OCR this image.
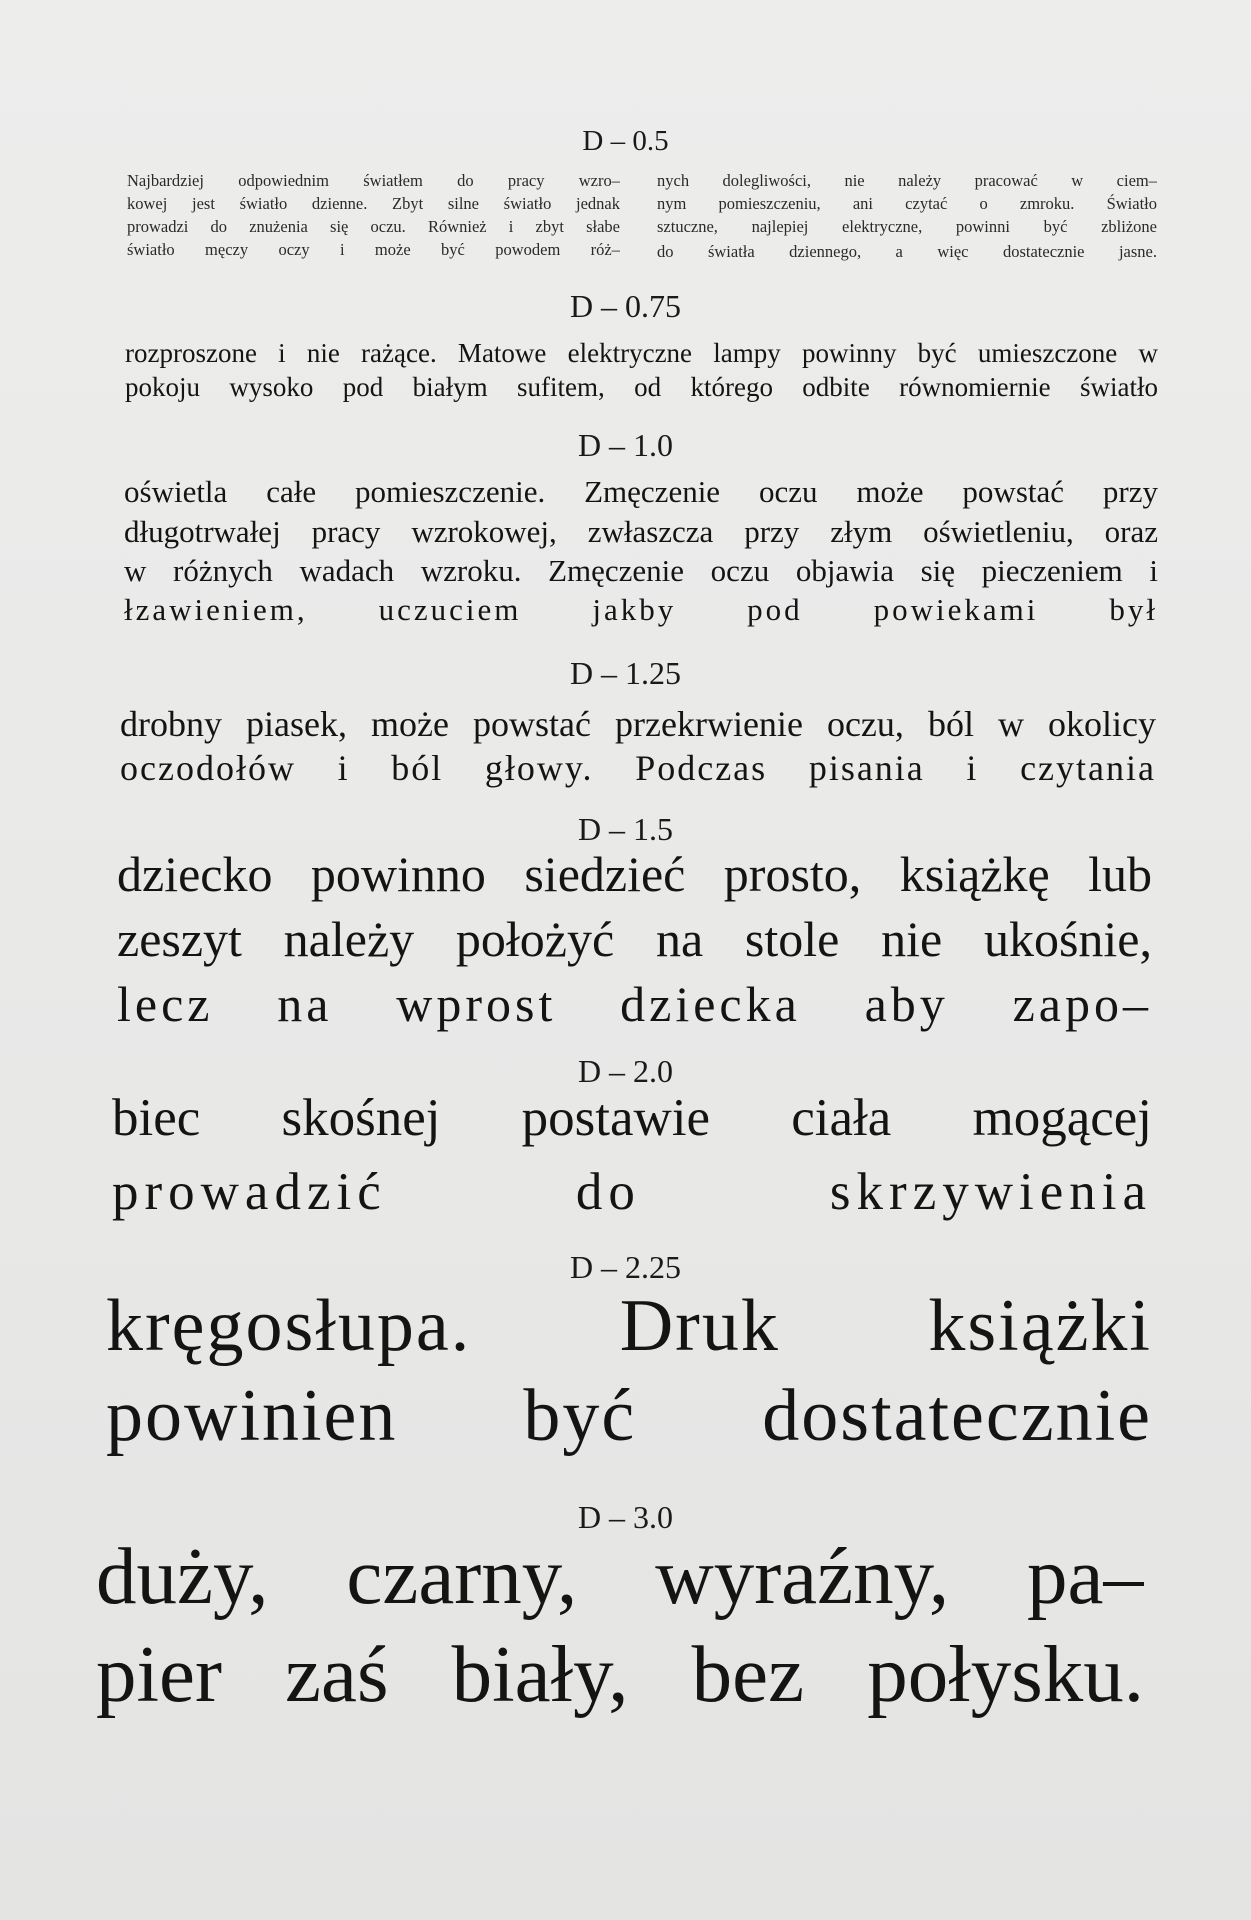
D – 0.5
Najbardziej odpowiednim światłem do pracy wzro–
kowej jest światło dzienne. Zbyt silne światło jednak
prowadzi do znużenia się oczu. Również i zbyt słabe
światło męczy oczy i może być powodem róż–
nych dolegliwości, nie należy pracować w ciem–
nym pomieszczeniu, ani czytać o zmroku. Światło
sztuczne, najlepiej elektryczne, powinni być zbliżone
do światła dziennego, a więc dostatecznie jasne.
D – 0.75
rozproszone i nie rażące. Matowe elektryczne lampy powinny być umieszczone w
pokoju wysoko pod białym sufitem, od którego odbite równomiernie światło
D – 1.0
oświetla całe pomieszczenie. Zmęczenie oczu może powstać przy
długotrwałej pracy wzrokowej, zwłaszcza przy złym oświetleniu, oraz
w różnych wadach wzroku. Zmęczenie oczu objawia się pieczeniem i
łzawieniem, uczuciem jakby pod powiekami był
D – 1.25
drobny piasek, może powstać przekrwienie oczu, ból w okolicy
oczodołów i ból głowy. Podczas pisania i czytania
D – 1.5
dziecko powinno siedzieć prosto, książkę lub
zeszyt należy położyć na stole nie ukośnie,
lecz na wprost dziecka aby zapo–
D – 2.0
biec skośnej postawie ciała mogącej
prowadzić do skrzywienia
D – 2.25
kręgosłupa. Druk książki
powinien być dostatecznie
D – 3.0
duży, czarny, wyraźny, pa–
pier zaś biały, bez połysku.
